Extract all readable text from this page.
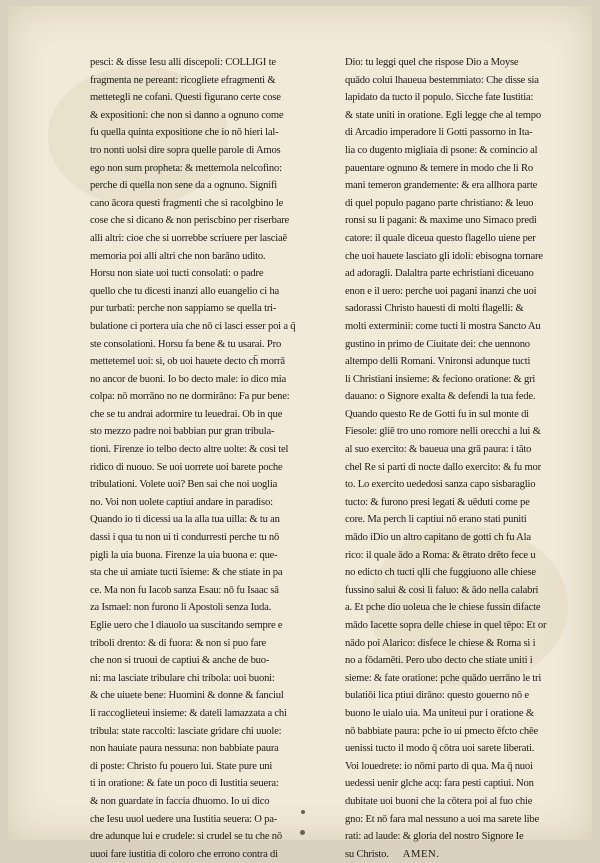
pesci: & disse Iesu alli discepoli: COLLIGI te
fragmenta ne pereant: ricogliete efragmenti &
mettetegli ne cofani. Questi figurano certe cose
& expositioni: che non si danno a ognuno come
fu quella quinta expositione che io nō hieri lal-
tro nonti uolsi dire sopra quelle parole di Amos
ego non sum propheta: & mettemola nelcofino:
perche di quella non sene da a ognuno. Signifi
cano ācora questi fragmenti che si racolgbino le
cose che si dicano & non periscbino per riserbare
alli altri: cioe che si uorrebbe scriuere per lasciaē
memoria poi alli altri che non barāno udito.
Horsu non siate uoi tucti consolati: o padre
quello che tu dicesti inanzi allo euangelio ci ha
pur turbati: perche non sappiamo se quella tri-
bulatione ci portera uia che nō ci lasci esser poi a q̄
ste consolationi. Horsu fa bene & tu usarai. Pro
mettetemel uoi: si, ob uoi hauete decto ch̄ morrā
no ancor de buoni. Io bo decto male: io dico mia
colpa: nō morrāno no ne dormirāno: Fa pur bene:
che se tu andrai adormire tu leuedrai. Ob in que
sto mezzo padre noi babbian pur gran tribula-
tioni. Firenze io telbo decto altre uolte: & cosi tel
ridico di nuouo. Se uoi uorrete uoi barete poche
tribulationi. Volete uoi? Ben sai che noi uoglia
no. Voi non uolete captiui andare in paradiso:
Quando io ti dicessi ua la alla tua uilla: & tu an
dassi i qua tu non ui ti condurresti perche tu nō
pigli la uia buona. Firenze la uia buona e: que-
sta che ui amiate tucti īsieme: & che stiate in pa
ce. Ma non fu Iacob sanza Esau: nō fu Isaac sā
za Ismael: non furono li Apostoli senza Iuda.
Eglie uero che l diauolo ua suscitando sempre e
triboli drento: & di fuora: & non si puo fare
che non si truoui de captiui & anche de buo-
ni: ma lasciate tribulare chi tribola: uoi buoni:
& che uiuete bene: Huomini & donne & fanciul
li raccoglieteui insieme: & dateli lamazzata a chi
tribula: state raccolti: lasciate gridare chi uuole:
non hauiate paura nessuna: non babbiate paura
di poste: Christo fu pouero lui. State pure uni
ti in oratione: & fate un poco di Iustitia seuera:
& non guardate in faccia dhuomo. Io ui dico
che Iesu uuol uedere una Iustitia seuera: O pa-
dre adunque lui e crudele: si crudel se tu che nō
uuoi fare iustitia di coloro che errono contra di
Dio: tu leggi quel che rispose Dio a Moyse
quādo colui lhaueua bestemmiato: Che disse sia
lapidato da tucto il populo. Sicche fate Iustitia:
& state uniti in oratione. Egli legge che al tempo
di Arcadio imperadore li Gotti passorno in Ita-
lia co dugento migliaia di psone: & comincio al
pauentare ognuno & temere in modo che li Ro
mani temeron grandemente: & era allhora parte
di quel populo pagano parte christiano: & leuo
ronsi su li pagani: & maxime uno Simaco predi
catore: il quale diceua questo flagello uiene per
che uoi hauete lasciato gli idoli: ebisognа tornare
ad adoragli. Dalaltra parte echristiani diceuano
enon e il uero: perche uoi pagani inanzi che uoi
sadorassi Christo hauesti di molti flagelli: &
molti exterminii: come tucti li mostra Sancto Au
gustino in primo de Ciuitate dei: che uennono
altempo delli Romani. Vnironsi adunque tucti
li Christiani insieme: & feciono oratione: & gri
dauano: o Signore exalta & defendi la tua fede.
Quando questo Re de Gotti fu in sul monte di
Fiesole: gliē tro uno romore nelli orecchi a lui &
al suo exercito: & baueua una grā paura: i tāto
chel Re si parti di nocte dallo exercito: & fu mor
to. Lo exercito uededosi sanza capo sisbaraglio
tucto: & furono presi legati & uēduti come pe
core. Ma perch li captiui nō erano stati puniti
mādo iDio un altro capitano de gotti ch fu Ala
rico: il quale ādo a Roma: & ētrato drēto fece u
no edicto ch tucti qlli che fuggiuono alle chiese
fussino salui & cosi li faluo: & ādo nella calabri
a. Et pche dio uoleua che le chiese fussin difacte
mādo Iacette sopra delle chiese in quel tēpo: Et or
nādo poi Alarico: disfece le chiese & Roma si i
no a fōdamēti. Pero ubo decto che stiate uniti i
sieme: & fate oratione: pche quādo uerrāno le tri
bulatiōi lica ptiui dirāno: questo gouerno nō e
buono le uialo uia. Ma uniteui pur i oratione &
nō babbiate paura: pche io ui pmecto ēfcto chēe
uenissi tucto il modo q̄ cōtra uoi sarete liberati.
Voi louedrete: io nōmi parto di qua. Ma q̄ nuoi
uedessi uenir glche acq: fara pesti captiui. Non
dubitate uoi buoni che la cōtera poi al fuo chie
gno: Et nō fara mal nessuno a uoi ma sarete libe
rati: ad laude: & gloria del nostro Signore Ie
su Christo. AMEN.
